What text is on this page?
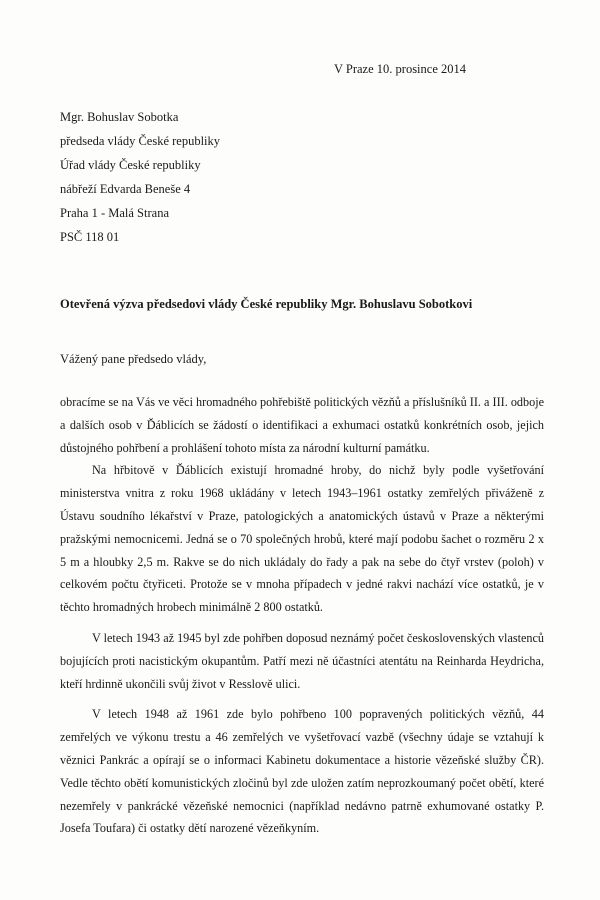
V Praze 10. prosince 2014
Mgr. Bohuslav Sobotka
předseda vlády České republiky
Úřad vlády České republiky
nábřeží Edvarda Beneše 4
Praha 1 - Malá Strana
PSČ 118 01
Otevřená výzva předsedovi vlády České republiky Mgr. Bohuslavu Sobotkovi
Vážený pane předsedo vlády,

obracíme se na Vás ve věci hromadného pohřebiště politických vězňů a příslušníků II. a III. odboje a dalších osob v Ďáblicích se žádostí o identifikaci a exhumaci ostatků konkrétních osob, jejich důstojného pohřbení a prohlášení tohoto místa za národní kulturní památku.

Na hřbitově v Ďáblicích existují hromadné hroby, do nichž byly podle vyšetřování ministerstva vnitra z roku 1968 ukládány v letech 1943–1961 ostatky zemřelých přiváženě z Ústavu soudního lékařství v Praze, patologických a anatomických ústavů v Praze a některými pražskými nemocnicemi. Jedná se o 70 společných hrobů, které mají podobu šachet o rozměru 2 x 5 m a hloubky 2,5 m. Rakve se do nich ukládaly do řady a pak na sebe do čtyř vrstev (poloh) v celkovém počtu čtyřiceti. Protože se v mnoha případech v jedné rakvi nachází více ostatků, je v těchto hromadných hrobech minimálně 2 800 ostatků.

V letech 1943 až 1945 byl zde pohřben doposud neznámý počet československých vlastenců bojujících proti nacistickým okupantům. Patří mezi ně účastníci atentátu na Reinharda Heydricha, kteří hrdinně ukončili svůj život v Resslově ulici.

V letech 1948 až 1961 zde bylo pohřbeno 100 popravených politických vězňů, 44 zemřelých ve výkonu trestu a 46 zemřelých ve vyšetřovací vazbě (všechny údaje se vztahují k věznici Pankrác a opírají se o informaci Kabinetu dokumentace a historie vězeňské služby ČR). Vedle těchto obětí komunistických zločinů byl zde uložen zatím neprozkoumaný počet obětí, které nezemřely v pankrácké vězeňské nemocnici (například nedávno patrně exhumované ostatky P. Josefa Toufara) či ostatky dětí narozené vězeňkyním.
